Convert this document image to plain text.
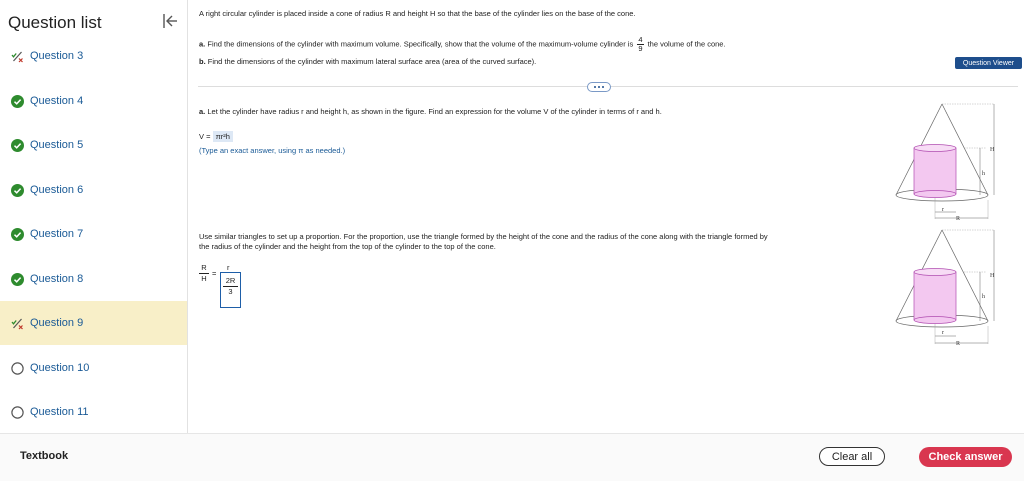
Question list
Question 3
Question 4
Question 5
Question 6
Question 7
Question 8
Question 9
Question 10
Question 11
A right circular cylinder is placed inside a cone of radius R and height H so that the base of the cylinder lies on the base of the cone.
a. Find the dimensions of the cylinder with maximum volume. Specifically, show that the volume of the maximum-volume cylinder is $\frac{4}{9}$ the volume of the cone.
b. Find the dimensions of the cylinder with maximum lateral surface area (area of the curved surface).	Question Viewer
a. Let the cylinder have radius r and height h, as shown in the figure. Find an expression for the volume V of the cylinder in terms of r and h.
V = πr²h
(Type an exact answer, using π as needed.)	H
h
r
R
Use similar triangles to set up a proportion. For the proportion, use the triangle formed by the height of the cone and the radius of the cone along with the triangle formed by
the radius of the cylinder and the height from the top of the cylinder to the top of the cone.
$\frac{R}{H}$ =
r
$\frac{2R}{3}$	H
h
r
R
Textbook	Clear all	Check answer
